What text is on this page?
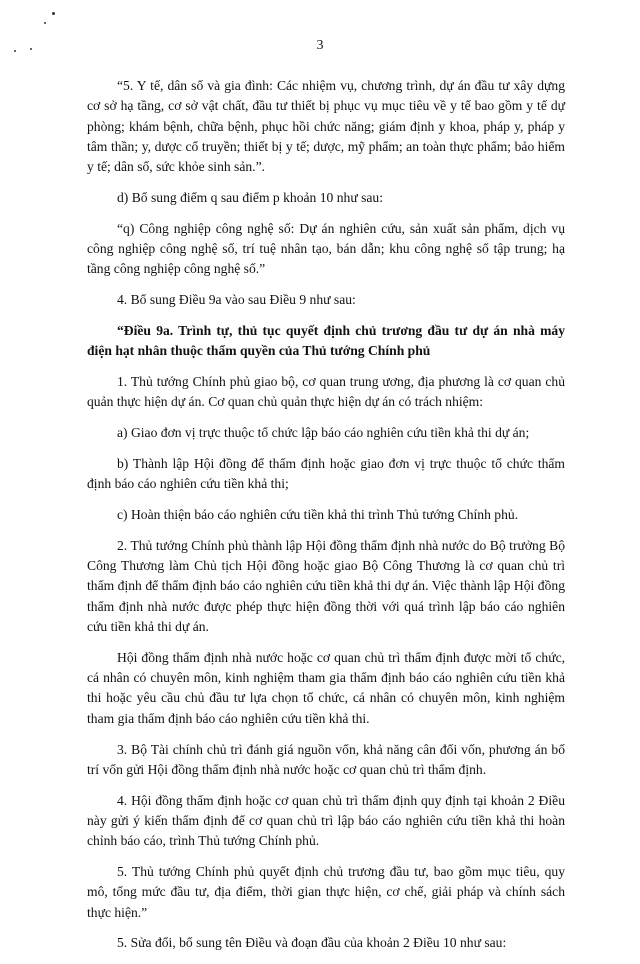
3

“5. Y tế, dân số và gia đình: Các nhiệm vụ, chương trình, dự án đầu tư xây dựng cơ sở hạ tầng, cơ sở vật chất, đầu tư thiết bị phục vụ mục tiêu về y tế bao gồm y tế dự phòng; khám bệnh, chữa bệnh, phục hồi chức năng; giám định y khoa, pháp y, pháp y tâm thần; y, dược cổ truyền; thiết bị y tế; dược, mỹ phẩm; an toàn thực phẩm; bảo hiểm y tế; dân số, sức khỏe sinh sản.”.

d) Bổ sung điểm q sau điểm p khoản 10 như sau:

“q) Công nghiệp công nghệ số: Dự án nghiên cứu, sản xuất sản phẩm, dịch vụ công nghiệp công nghệ số, trí tuệ nhân tạo, bán dẫn; khu công nghệ số tập trung; hạ tầng công nghiệp công nghệ số.”

4. Bổ sung Điều 9a vào sau Điều 9 như sau:

“Điều 9a. Trình tự, thủ tục quyết định chủ trương đầu tư dự án nhà máy điện hạt nhân thuộc thẩm quyền của Thủ tướng Chính phủ

1. Thủ tướng Chính phủ giao bộ, cơ quan trung ương, địa phương là cơ quan chủ quản thực hiện dự án. Cơ quan chủ quản thực hiện dự án có trách nhiệm:

a) Giao đơn vị trực thuộc tổ chức lập báo cáo nghiên cứu tiền khả thi dự án;

b) Thành lập Hội đồng để thẩm định hoặc giao đơn vị trực thuộc tổ chức thẩm định báo cáo nghiên cứu tiền khả thi;

c) Hoàn thiện báo cáo nghiên cứu tiền khả thi trình Thủ tướng Chính phủ.

2. Thủ tướng Chính phủ thành lập Hội đồng thẩm định nhà nước do Bộ trưởng Bộ Công Thương làm Chủ tịch Hội đồng hoặc giao Bộ Công Thương là cơ quan chủ trì thẩm định để thẩm định báo cáo nghiên cứu tiền khả thi dự án. Việc thành lập Hội đồng thẩm định nhà nước được phép thực hiện đồng thời với quá trình lập báo cáo nghiên cứu tiền khả thi dự án.

Hội đồng thẩm định nhà nước hoặc cơ quan chủ trì thẩm định được mời tổ chức, cá nhân có chuyên môn, kinh nghiệm tham gia thẩm định báo cáo nghiên cứu tiền khả thi hoặc yêu cầu chủ đầu tư lựa chọn tổ chức, cá nhân có chuyên môn, kinh nghiệm tham gia thẩm định báo cáo nghiên cứu tiền khả thi.

3. Bộ Tài chính chủ trì đánh giá nguồn vốn, khả năng cân đối vốn, phương án bố trí vốn gửi Hội đồng thẩm định nhà nước hoặc cơ quan chủ trì thẩm định.

4. Hội đồng thẩm định hoặc cơ quan chủ trì thẩm định quy định tại khoản 2 Điều này gửi ý kiến thẩm định để cơ quan chủ trì lập báo cáo nghiên cứu tiền khả thi hoàn chỉnh báo cáo, trình Thủ tướng Chính phủ.

5. Thủ tướng Chính phủ quyết định chủ trương đầu tư, bao gồm mục tiêu, quy mô, tổng mức đầu tư, địa điểm, thời gian thực hiện, cơ chế, giải pháp và chính sách thực hiện.”

5. Sửa đổi, bổ sung tên Điều và đoạn đầu của khoản 2 Điều 10 như sau:
